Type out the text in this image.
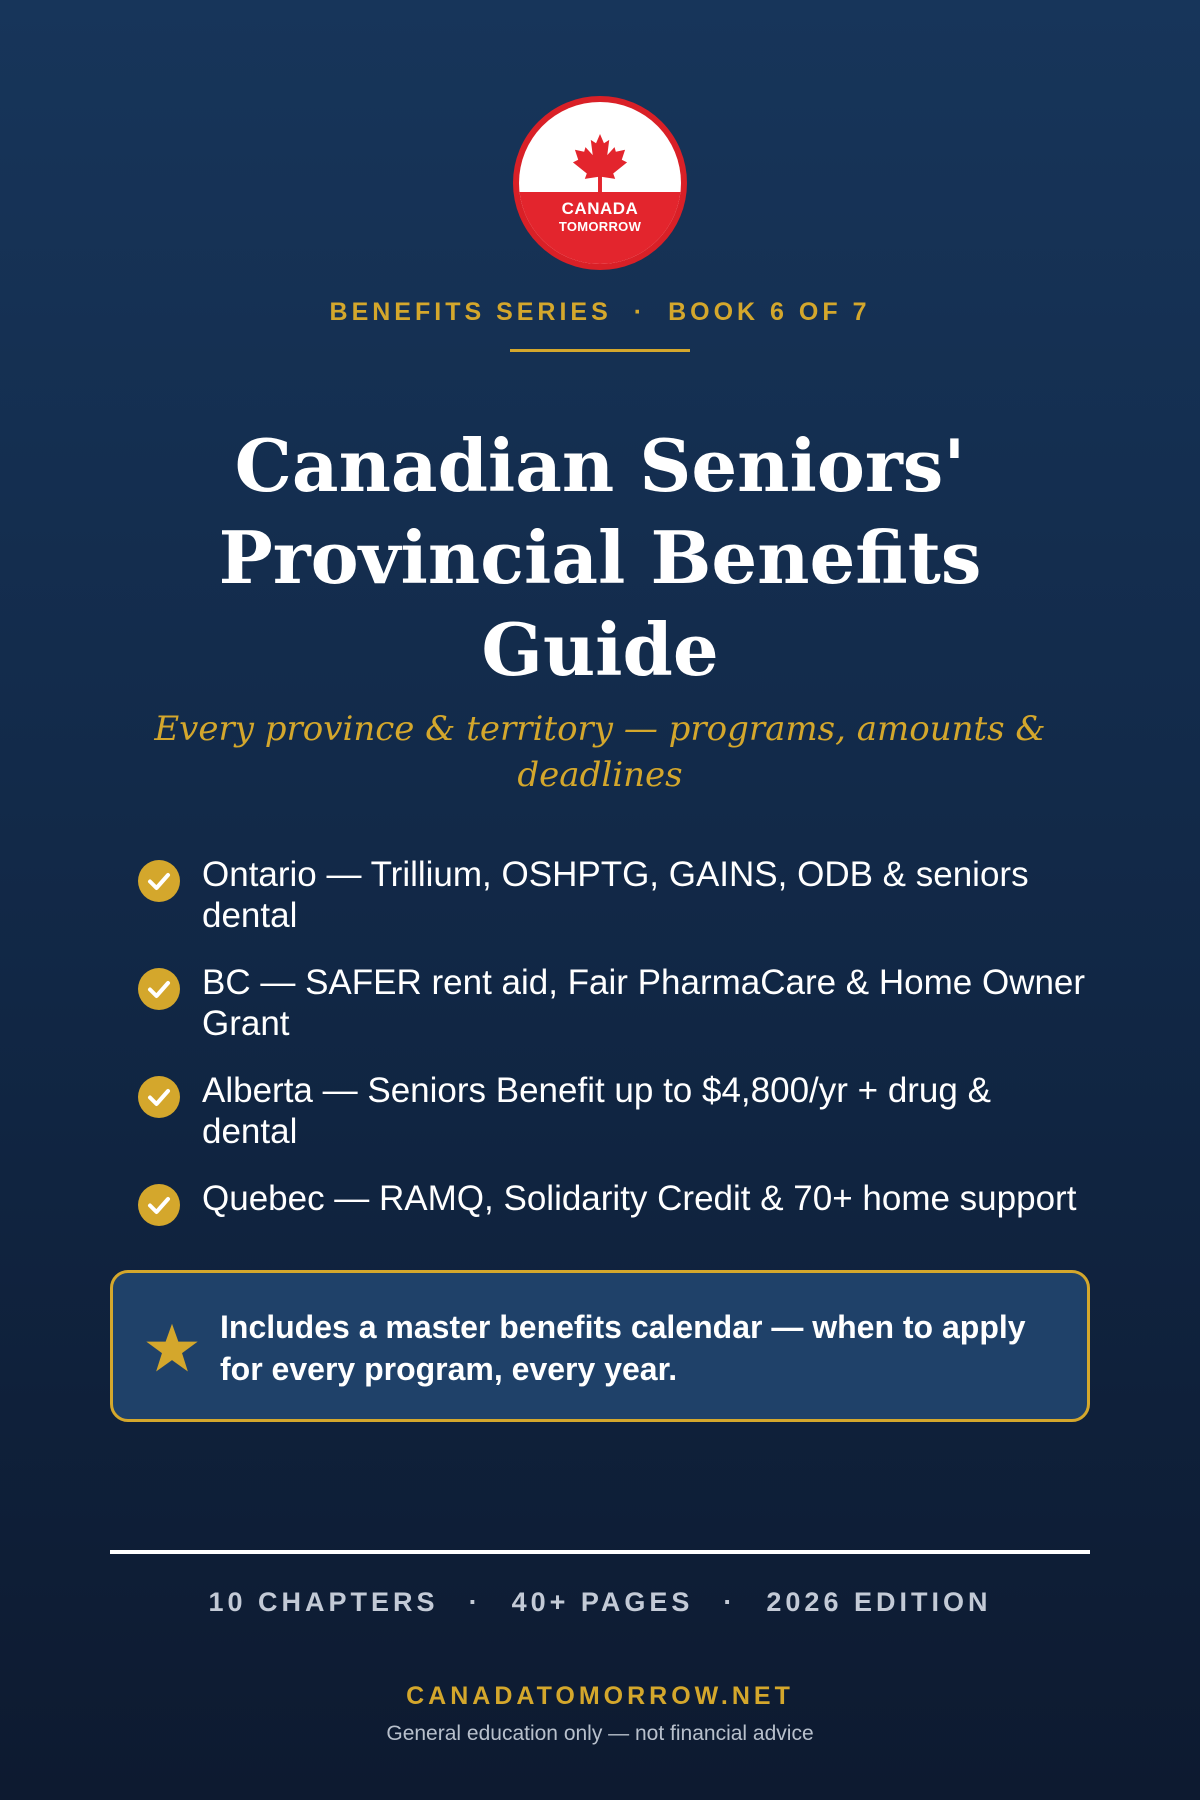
CANADA
TOMORROW
BENEFITS SERIES · BOOK 6 OF 7
Canadian Seniors' Provincial Benefits Guide
Every province & territory — programs, amounts & deadlines
Ontario — Trillium, OSHPTG, GAINS, ODB & seniors dental
BC — SAFER rent aid, Fair PharmaCare & Home Owner Grant
Alberta — Seniors Benefit up to $4,800/yr + drug & dental
Quebec — RAMQ, Solidarity Credit & 70+ home support
Includes a master benefits calendar — when to apply for every program, every year.
10 CHAPTERS · 40+ PAGES · 2026 EDITION
CANADATOMORROW.NET
General education only — not financial advice
